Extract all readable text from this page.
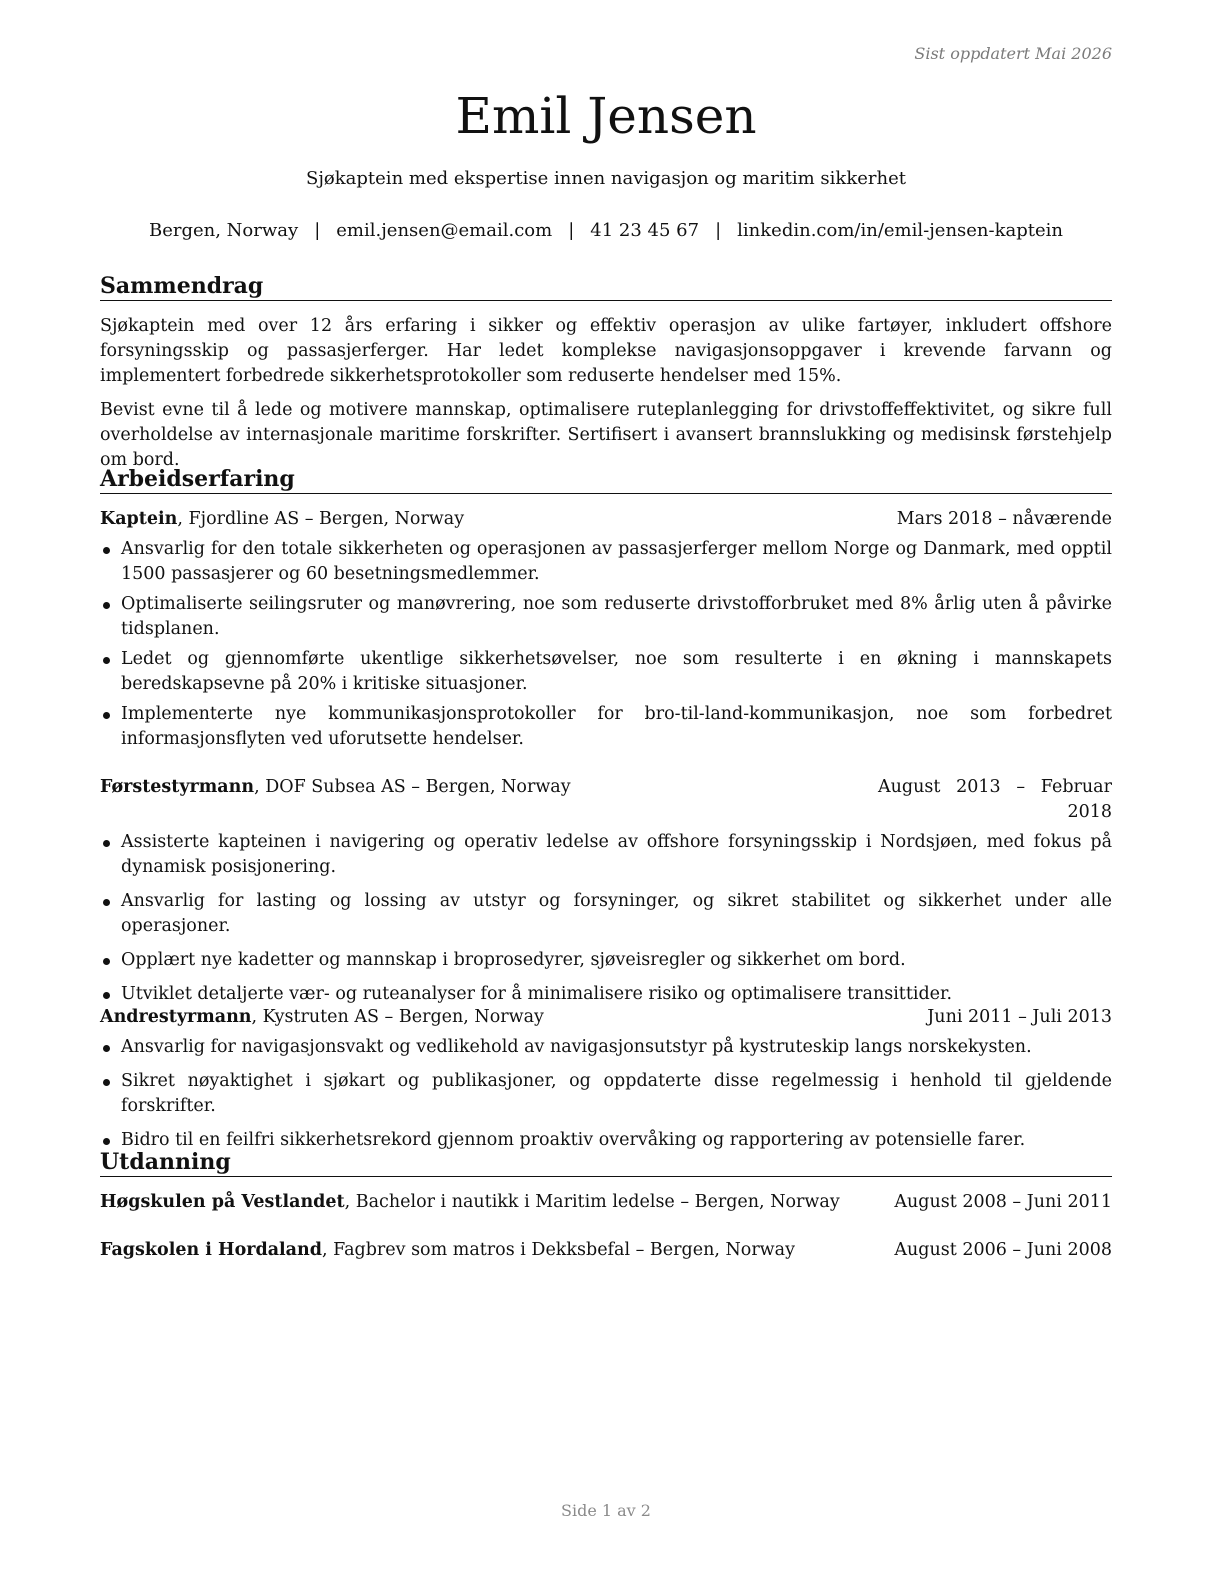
Sist oppdatert Mai 2026
Emil Jensen
Sjøkaptein med ekspertise innen navigasjon og maritim sikkerhet
Bergen, Norway | emil.jensen@email.com | 41 23 45 67 | linkedin.com/in/emil-jensen-kaptein
Sammendrag

Sjøkaptein med over 12 års erfaring i sikker og effektiv operasjon av ulike fartøyer, inkludert offshore forsyningsskip og passasjerferger. Har ledet komplekse navigasjonsoppgaver i krevende farvann og implementert forbedrede sikkerhetsprotokoller som reduserte hendelser med 15%.

Bevist evne til å lede og motivere mannskap, optimalisere ruteplanlegging for drivstoffeffektivitet, og sikre full overholdelse av internasjonale maritime forskrifter. Sertifisert i avansert brannslukking og medisinsk førstehjelp om bord.

Arbeidserfaring
Kaptein, Fjordline AS – Bergen, Norway	Mars 2018 – nåværende
Ansvarlig for den totale sikkerheten og operasjonen av passasjerferger mellom Norge og Danmark, med opptil 1500 passasjerer og 60 besetningsmedlemmer.
Optimaliserte seilingsruter og manøvrering, noe som reduserte drivstofforbruket med 8% årlig uten å påvirke tidsplanen.
Ledet og gjennomførte ukentlige sikkerhetsøvelser, noe som resulterte i en økning i mannskapets beredskapsevne på 20% i kritiske situasjoner.
Implementerte nye kommunikasjonsprotokoller for bro-til-land-kommunikasjon, noe som forbedret informasjonsflyten ved uforutsette hendelser.
Førstestyrmann, DOF Subsea AS – Bergen, Norway	August 2013 – Februar 2018
Assisterte kapteinen i navigering og operativ ledelse av offshore forsyningsskip i Nordsjøen, med fokus på dynamisk posisjonering.
Ansvarlig for lasting og lossing av utstyr og forsyninger, og sikret stabilitet og sikkerhet under alle operasjoner.
Opplært nye kadetter og mannskap i broprosedyrer, sjøveisregler og sikkerhet om bord.
Utviklet detaljerte vær- og ruteanalyser for å minimalisere risiko og optimalisere transittider.
Andrestyrmann, Kystruten AS – Bergen, Norway	Juni 2011 – Juli 2013
Ansvarlig for navigasjonsvakt og vedlikehold av navigasjonsutstyr på kystruteskip langs norskekysten.
Sikret nøyaktighet i sjøkart og publikasjoner, og oppdaterte disse regelmessig i henhold til gjeldende forskrifter.
Bidro til en feilfri sikkerhetsrekord gjennom proaktiv overvåking og rapportering av potensielle farer.
Utdanning
Høgskulen på Vestlandet, Bachelor i nautikk i Maritim ledelse – Bergen, Norway	August 2008 – Juni 2011
Fagskolen i Hordaland, Fagbrev som matros i Dekksbefal – Bergen, Norway	August 2006 – Juni 2008
Side 1 av 2
